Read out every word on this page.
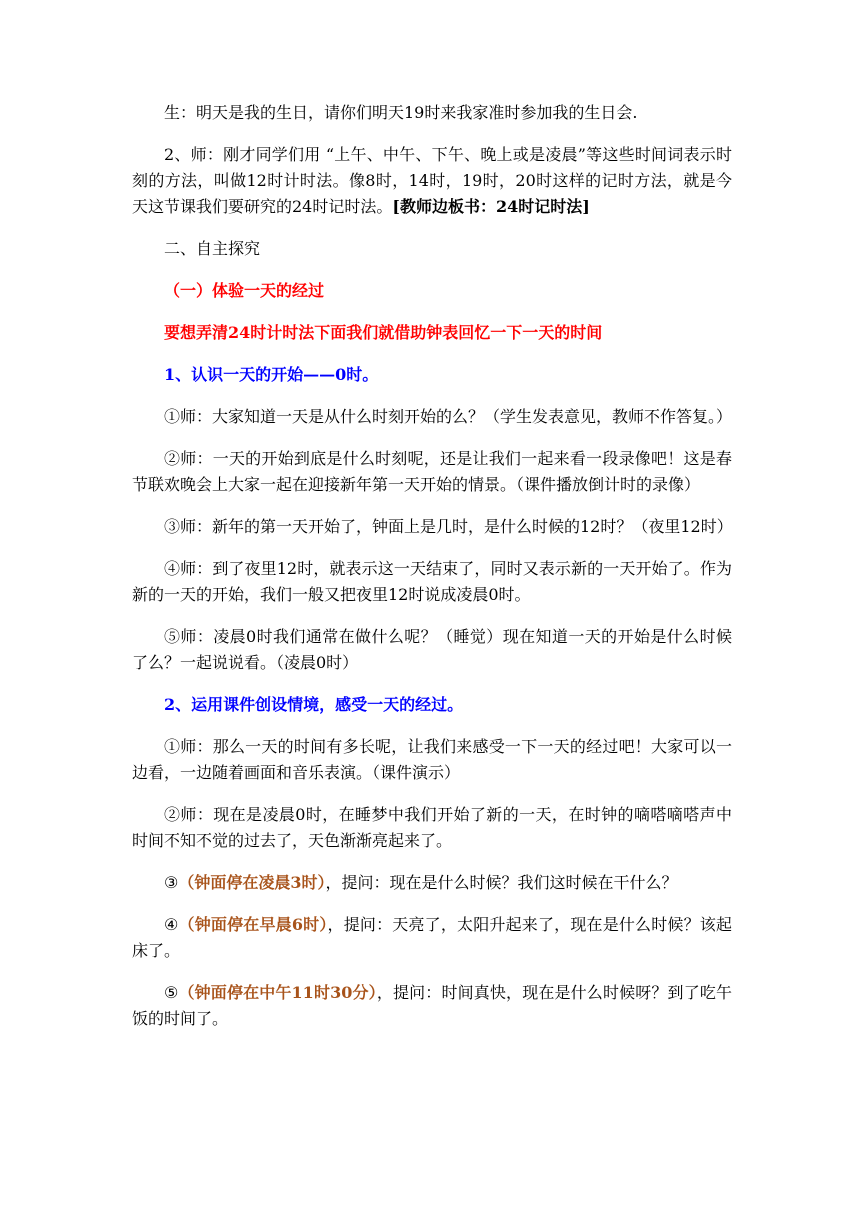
生：明天是我的生日，请你们明天19时来我家准时参加我的生日会.

2、师：刚才同学们用 “上午、中午、下午、晚上或是凌晨”等这些时间词表示时刻的方法，叫做12时计时法。像8时，14时，19时，20时这样的记时方法，就是今天这节课我们要研究的24时记时法。[教师边板书：24时记时法]

二、自主探究

（一）体验一天的经过

要想弄清24时计时法下面我们就借助钟表回忆一下一天的时间

1、认识一天的开始——0时。

①师：大家知道一天是从什么时刻开始的么？（学生发表意见，教师不作答复。）

②师：一天的开始到底是什么时刻呢，还是让我们一起来看一段录像吧！这是春节联欢晚会上大家一起在迎接新年第一天开始的情景。（课件播放倒计时的录像）

③师：新年的第一天开始了，钟面上是几时，是什么时候的12时？（夜里12时）

④师：到了夜里12时，就表示这一天结束了，同时又表示新的一天开始了。作为新的一天的开始，我们一般又把夜里12时说成凌晨0时。

⑤师：凌晨0时我们通常在做什么呢？（睡觉）现在知道一天的开始是什么时候了么？一起说说看。（凌晨0时）

2、运用课件创设情境，感受一天的经过。

①师：那么一天的时间有多长呢，让我们来感受一下一天的经过吧！大家可以一边看，一边随着画面和音乐表演。（课件演示）

②师：现在是凌晨0时，在睡梦中我们开始了新的一天，在时钟的嘀嗒嘀嗒声中时间不知不觉的过去了，天色渐渐亮起来了。

③（钟面停在凌晨3时），提问：现在是什么时候？我们这时候在干什么？

④（钟面停在早晨6时），提问：天亮了，太阳升起来了，现在是什么时候？该起床了。

⑤（钟面停在中午11时30分），提问：时间真快，现在是什么时候呀？到了吃午饭的时间了。
